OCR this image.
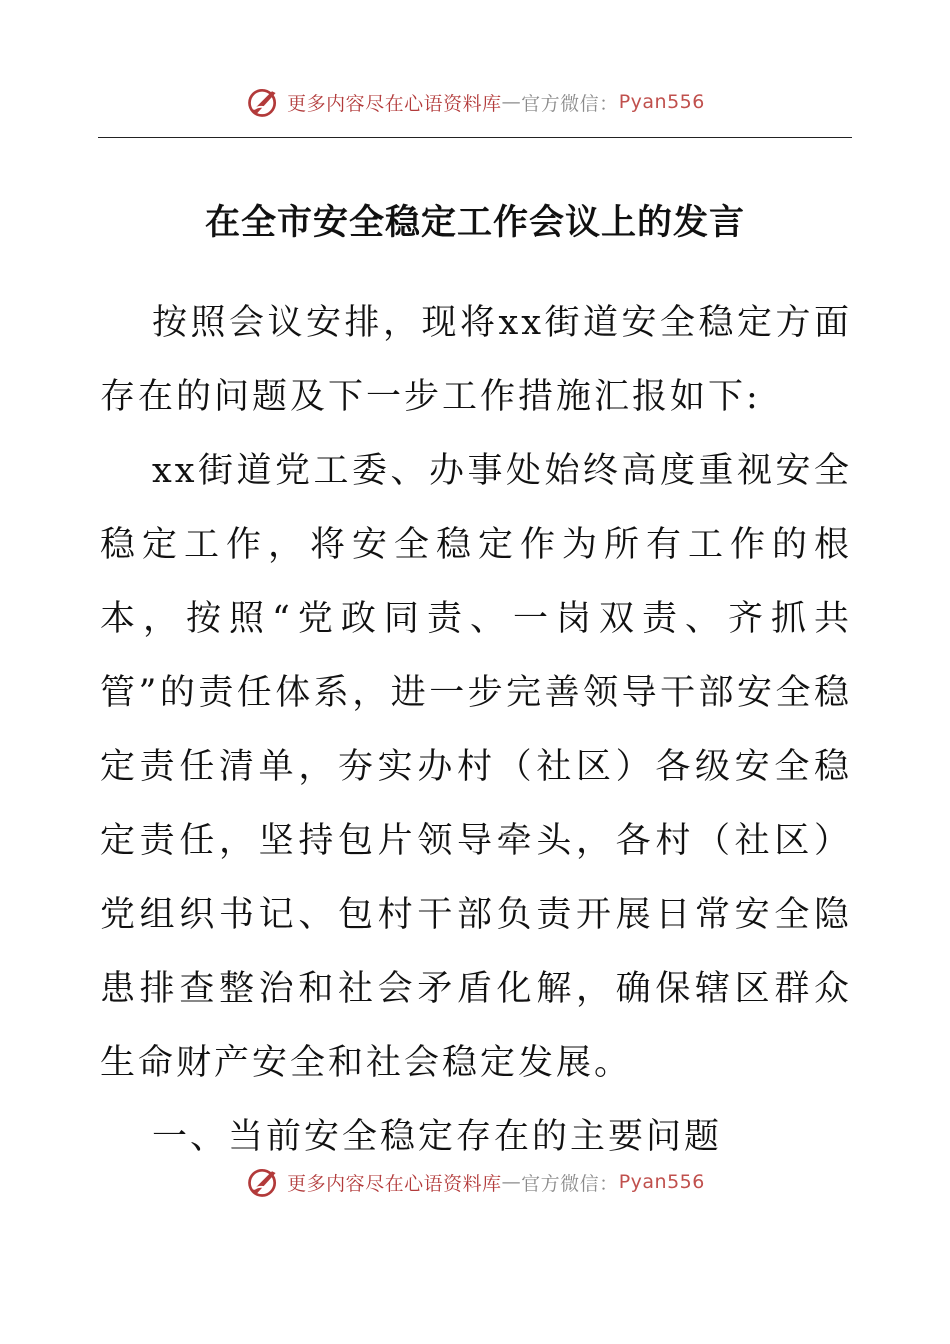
更多内容尽在心语资料库 — 官方微信： Pyan556
在全市安全稳定工作会议上的发言

按照会议安排，现将xx街道安全稳定方面存在的问题及下一步工作措施汇报如下:

xx街道党工委、办事处始终高度重视安全稳定工作，将安全稳定作为所有工作的根本，按照“党政同责、一岗双责、齐抓共管”的责任体系，进一步完善领导干部安全稳定责任清单，夯实办村（社区）各级安全稳定责任，坚持包片领导牵头，各村（社区）党组织书记、包村干部负责开展日常安全隐患排查整治和社会矛盾化解，确保辖区群众生命财产安全和社会稳定发展。

一、当前安全稳定存在的主要问题

更多内容尽在心语资料库 — 官方微信： Pyan556
